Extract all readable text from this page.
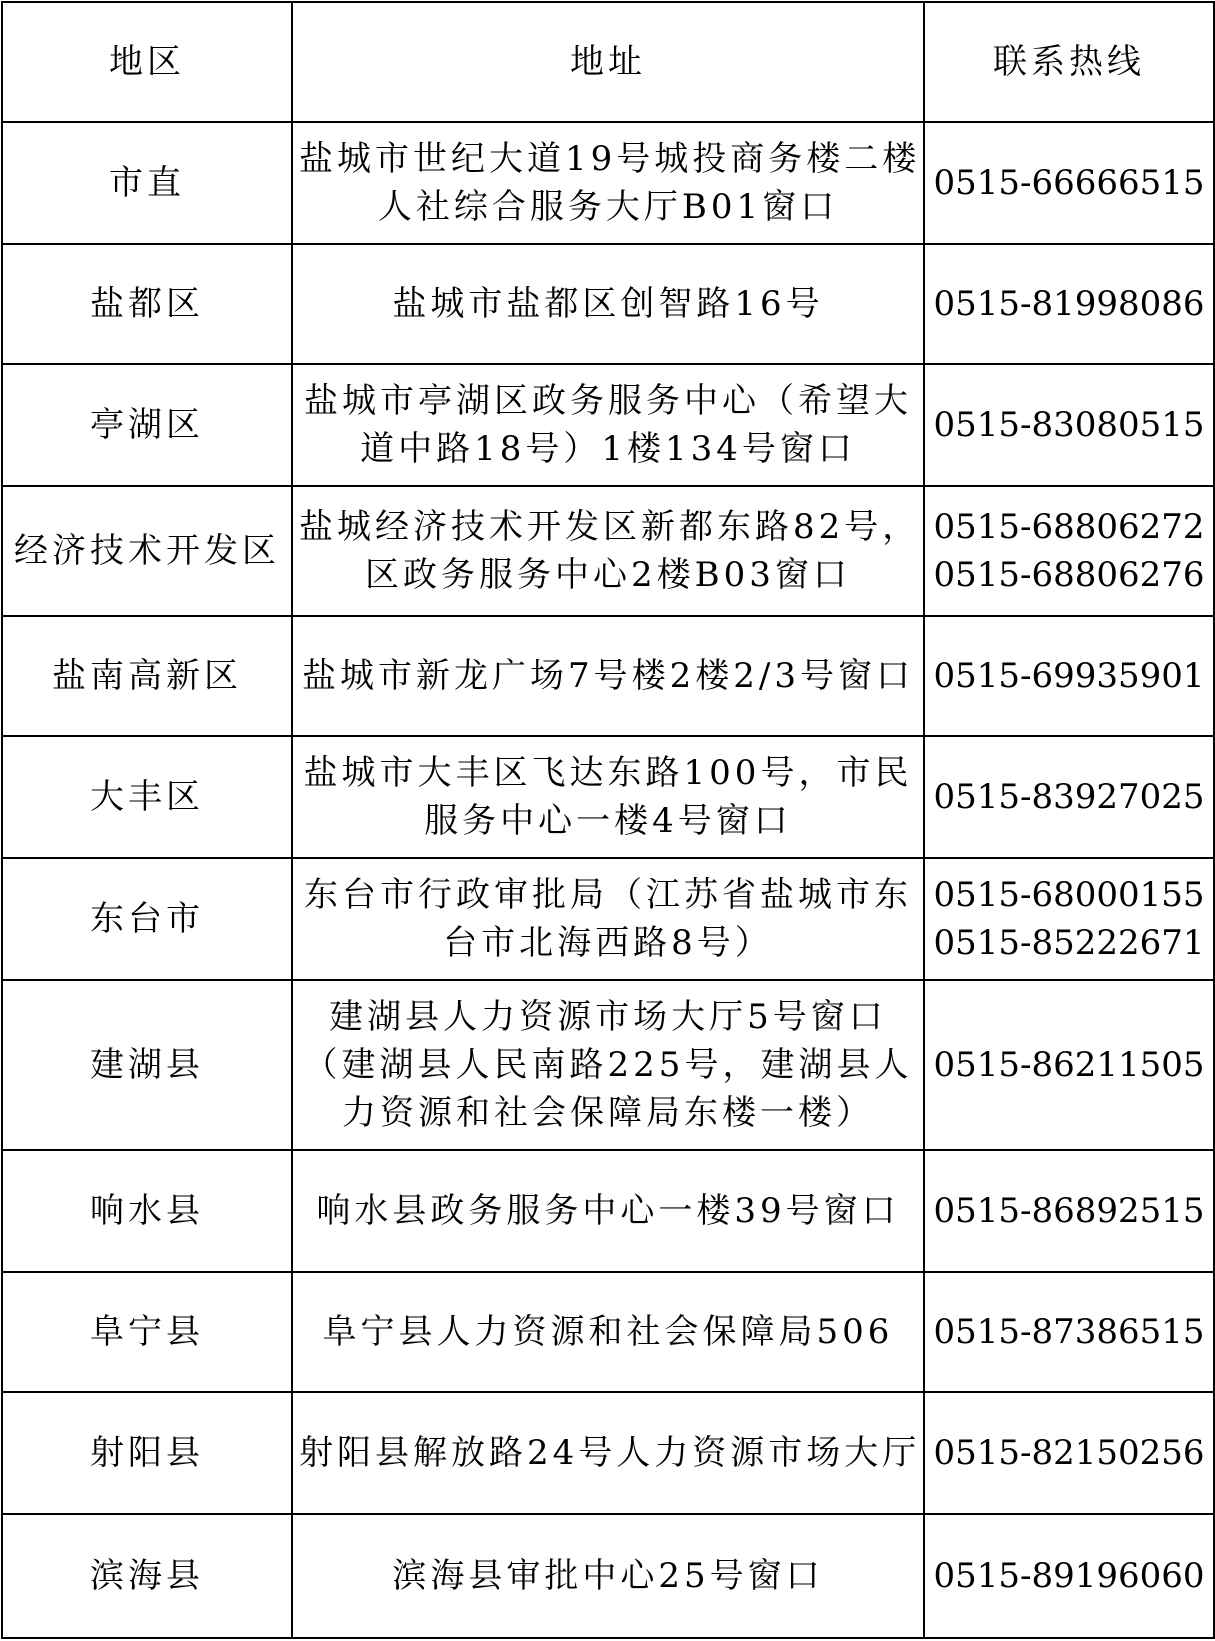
地区	地址	联系热线
市直	盐城市世纪大道19号城投商务楼二楼
人社综合服务大厅B01窗口	0515-66666515

盐都区	盐城市盐都区创智路16号	0515-81998086

亭湖区	盐城市亭湖区政务服务中心（希望大
道中路18号）1楼134号窗口	0515-83080515

经济技术开发区	盐城经济技术开发区新都东路82号，
区政务服务中心2楼B03窗口	0515-68806272
0515-68806276

盐南高新区	盐城市新龙广场7号楼2楼2/3号窗口	0515-69935901

大丰区	盐城市大丰区飞达东路100号，市民
服务中心一楼4号窗口	0515-83927025

东台市	东台市行政审批局（江苏省盐城市东
台市北海西路8号）	0515-68000155
0515-85222671

建湖县	建湖县人力资源市场大厅5号窗口
（建湖县人民南路225号，建湖县人
力资源和社会保障局东楼一楼）	0515-86211505

响水县	响水县政务服务中心一楼39号窗口	0515-86892515

阜宁县	阜宁县人力资源和社会保障局506	0515-87386515

射阳县	射阳县解放路24号人力资源市场大厅	0515-82150256

滨海县	滨海县审批中心25号窗口	0515-89196060
